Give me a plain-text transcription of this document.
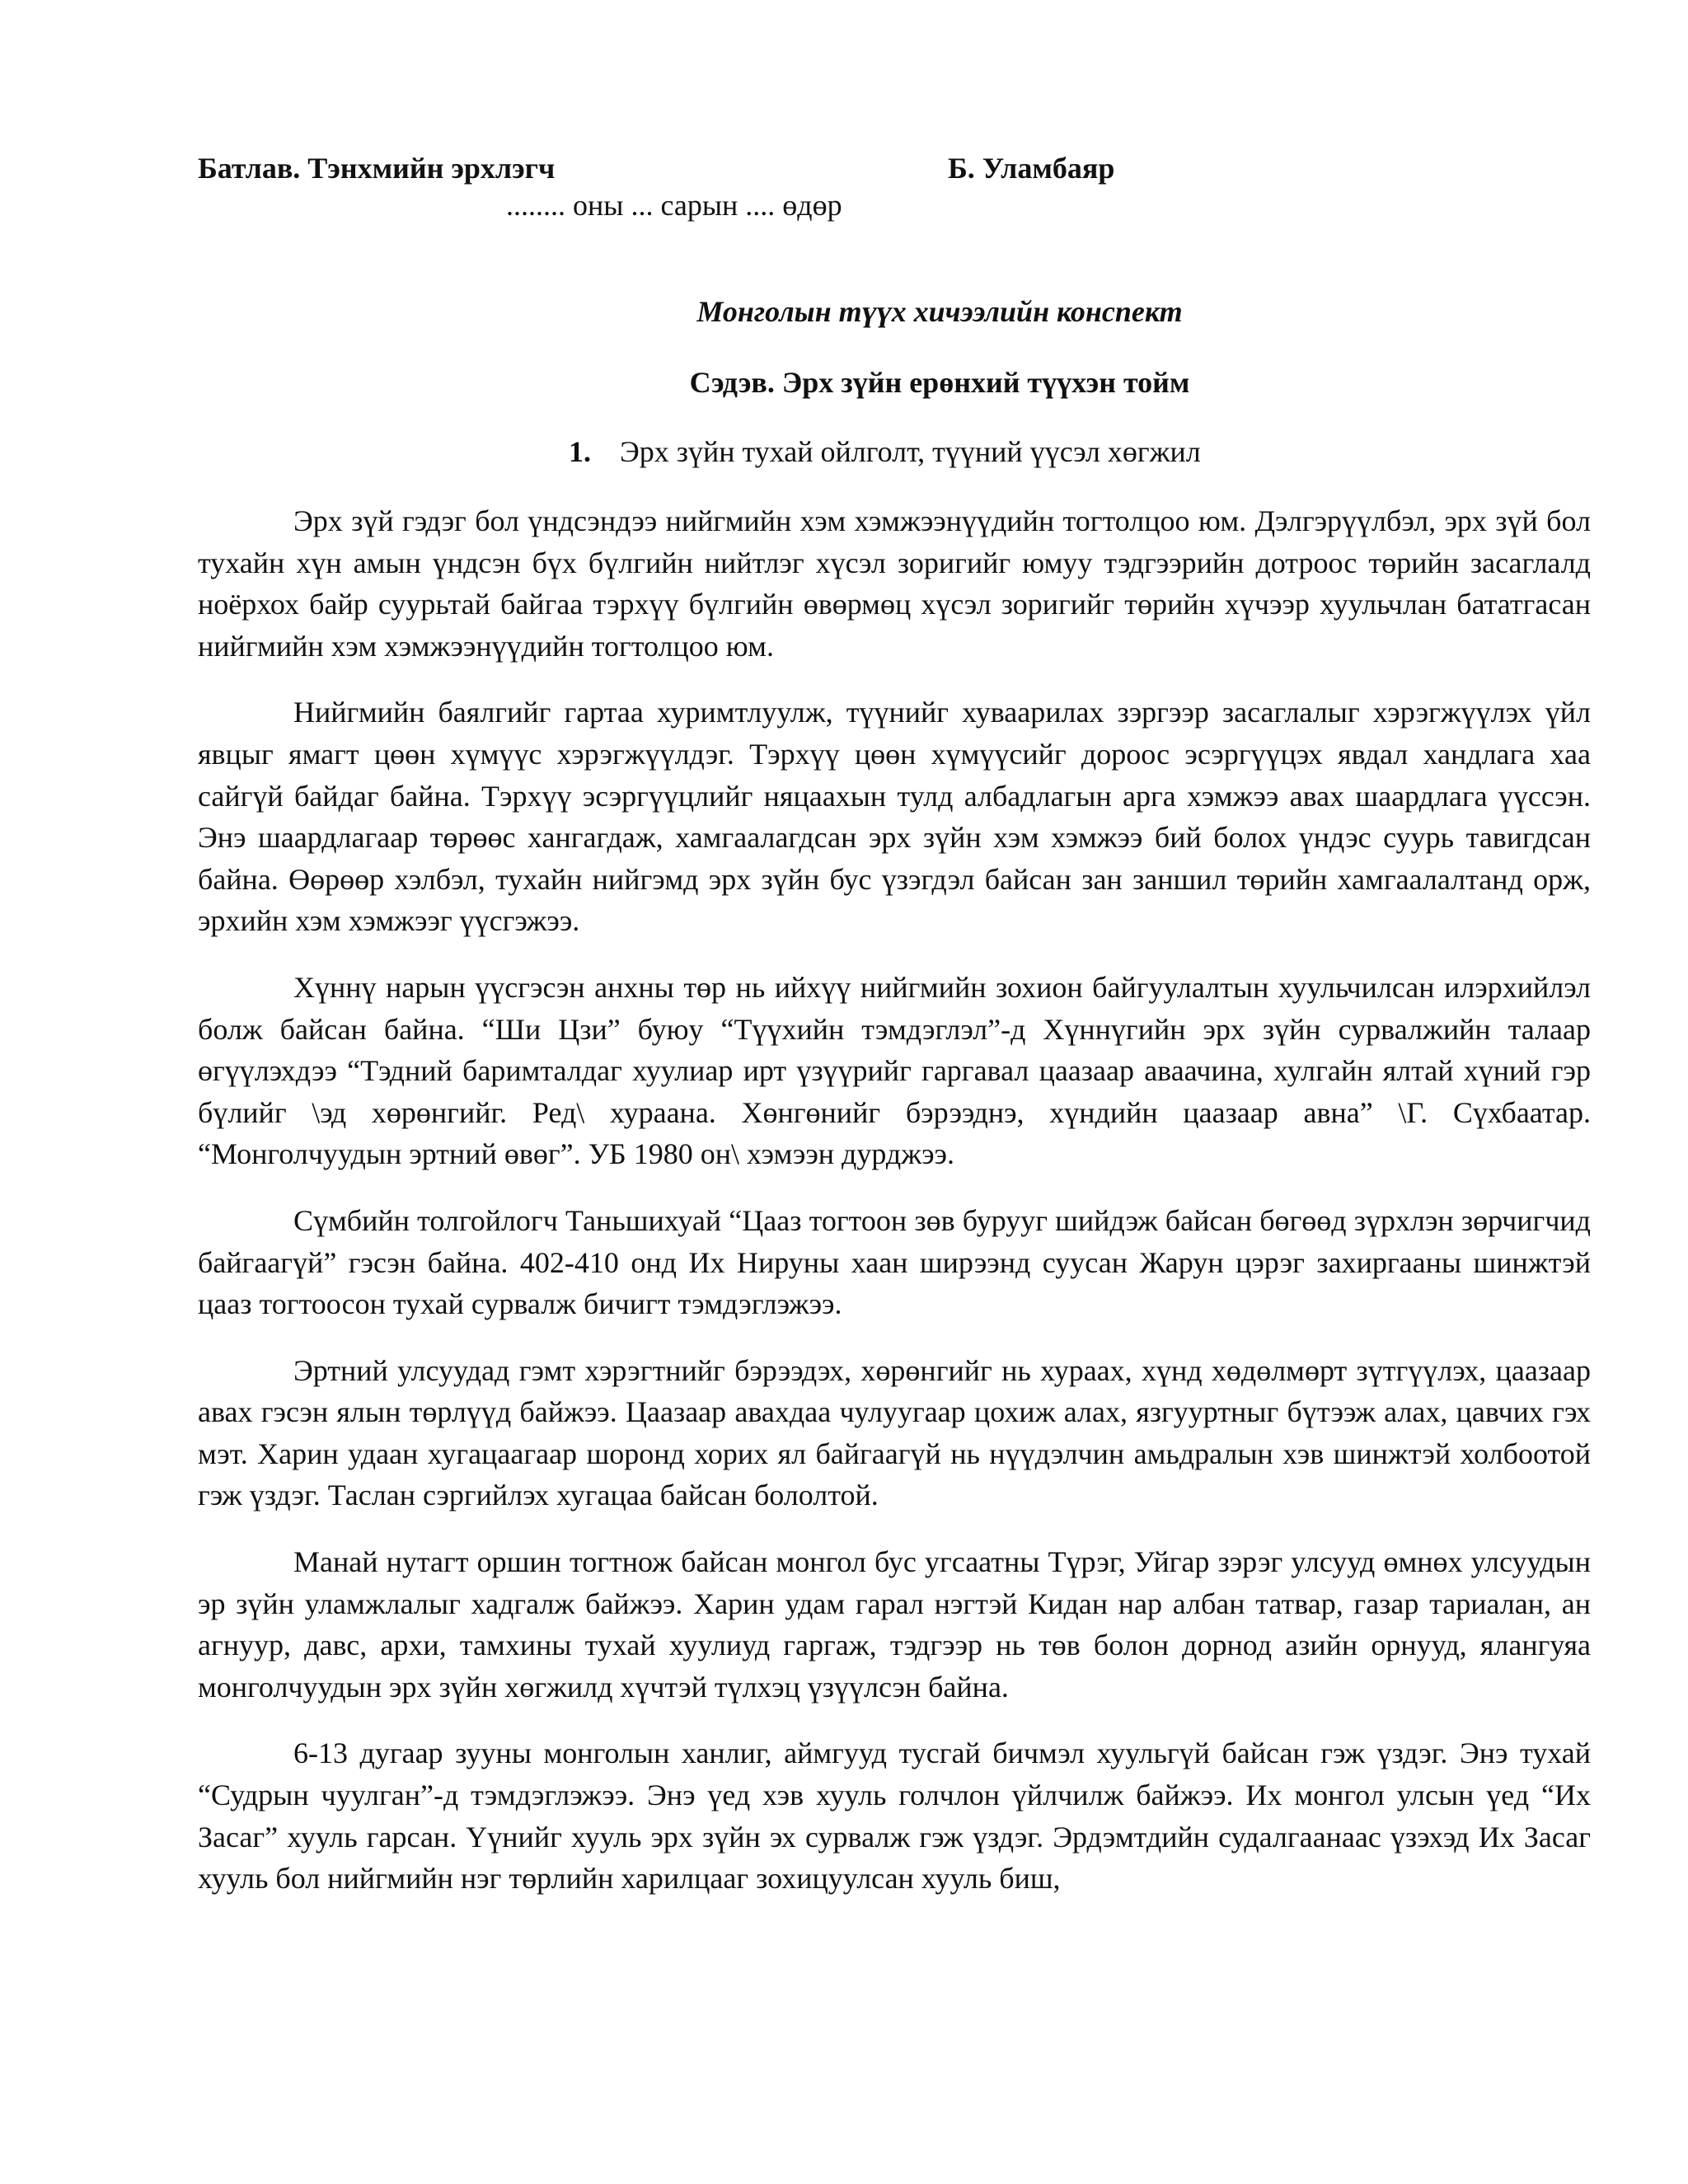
Батлав. Тэнхмийн эрхлэгч	Б. Уламбаяр
........ оны ... сарын .... өдөр
Монголын түүх хичээлийн конспект
Сэдэв. Эрх зүйн ерөнхий түүхэн тойм
1. Эрх зүйн тухай ойлголт, түүний үүсэл хөгжил

Эрх зүй гэдэг бол үндсэндээ нийгмийн хэм хэмжээнүүдийн тогтолцоо юм. Дэлгэрүүлбэл, эрх зүй бол тухайн хүн амын үндсэн бүх бүлгийн нийтлэг хүсэл зоригийг юмуу тэдгээрийн дотроос төрийн засаглалд ноёрхох байр суурьтай байгаа тэрхүү бүлгийн өвөрмөц хүсэл зоригийг төрийн хүчээр хуульчлан бататгасан нийгмийн хэм хэмжээнүүдийн тогтолцоо юм.

Нийгмийн баялгийг гартаа хуримтлуулж, түүнийг хуваарилах зэргээр засаглалыг хэрэгжүүлэх үйл явцыг ямагт цөөн хүмүүс хэрэгжүүлдэг. Тэрхүү цөөн хүмүүсийг дороос эсэргүүцэх явдал хандлага хаа сайгүй байдаг байна. Тэрхүү эсэргүүцлийг няцаахын тулд албадлагын арга хэмжээ авах шаардлага үүссэн. Энэ шаардлагаар төрөөс хангагдаж, хамгаалагдсан эрх зүйн хэм хэмжээ бий болох үндэс суурь тавигдсан байна. Өөрөөр хэлбэл, тухайн нийгэмд эрх зүйн бус үзэгдэл байсан зан заншил төрийн хамгаалалтанд орж, эрхийн хэм хэмжээг үүсгэжээ.

Хүннү нарын үүсгэсэн анхны төр нь ийхүү нийгмийн зохион байгуулалтын хуульчилсан илэрхийлэл болж байсан байна. “Ши Цзи” буюу “Түүхийн тэмдэглэл”-д Хүннүгийн эрх зүйн сурвалжийн талаар өгүүлэхдээ “Тэдний баримталдаг хуулиар ирт үзүүрийг гаргавал цаазаар аваачина, хулгайн ялтай хүний гэр бүлийг \эд хөрөнгийг. Ред\ хураана. Хөнгөнийг бэрээднэ, хүндийн цаазаар авна” \Г. Сүхбаатар. “Монголчуудын эртний өвөг”. УБ 1980 он\ хэмээн дурджээ.

Сүмбийн толгойлогч Таньшихуай “Цааз тогтоон зөв бурууг шийдэж байсан бөгөөд зүрхлэн зөрчигчид байгаагүй” гэсэн байна. 402-410 онд Их Нируны хаан ширээнд суусан Жарун цэрэг захиргааны шинжтэй цааз тогтоосон тухай сурвалж бичигт тэмдэглэжээ.

Эртний улсуудад гэмт хэрэгтнийг бэрээдэх, хөрөнгийг нь хураах, хүнд хөдөлмөрт зүтгүүлэх, цаазаар авах гэсэн ялын төрлүүд байжээ. Цаазаар авахдаа чулуугаар цохиж алах, язгууртныг бүтээж алах, цавчих гэх мэт. Харин удаан хугацаагаар шоронд хорих ял байгаагүй нь нүүдэлчин амьдралын хэв шинжтэй холбоотой гэж үздэг. Таслан сэргийлэх хугацаа байсан бололтой.

Манай нутагт оршин тогтнож байсан монгол бус угсаатны Түрэг, Уйгар зэрэг улсууд өмнөх улсуудын эр зүйн уламжлалыг хадгалж байжээ. Харин удам гарал нэгтэй Кидан нар албан татвар, газар тариалан, ан агнуур, давс, архи, тамхины тухай хуулиуд гаргаж, тэдгээр нь төв болон дорнод азийн орнууд, ялангуяа монголчуудын эрх зүйн хөгжилд хүчтэй түлхэц үзүүлсэн байна.

6-13 дугаар зууны монголын ханлиг, аймгууд тусгай бичмэл хуульгүй байсан гэж үздэг. Энэ тухай “Судрын чуулган”-д тэмдэглэжээ. Энэ үед хэв хууль голчлон үйлчилж байжээ. Их монгол улсын үед “Их Засаг” хууль гарсан. Үүнийг хууль эрх зүйн эх сурвалж гэж үздэг. Эрдэмтдийн судалгаанаас үзэхэд Их Засаг хууль бол нийгмийн нэг төрлийн харилцааг зохицуулсан хууль биш,
